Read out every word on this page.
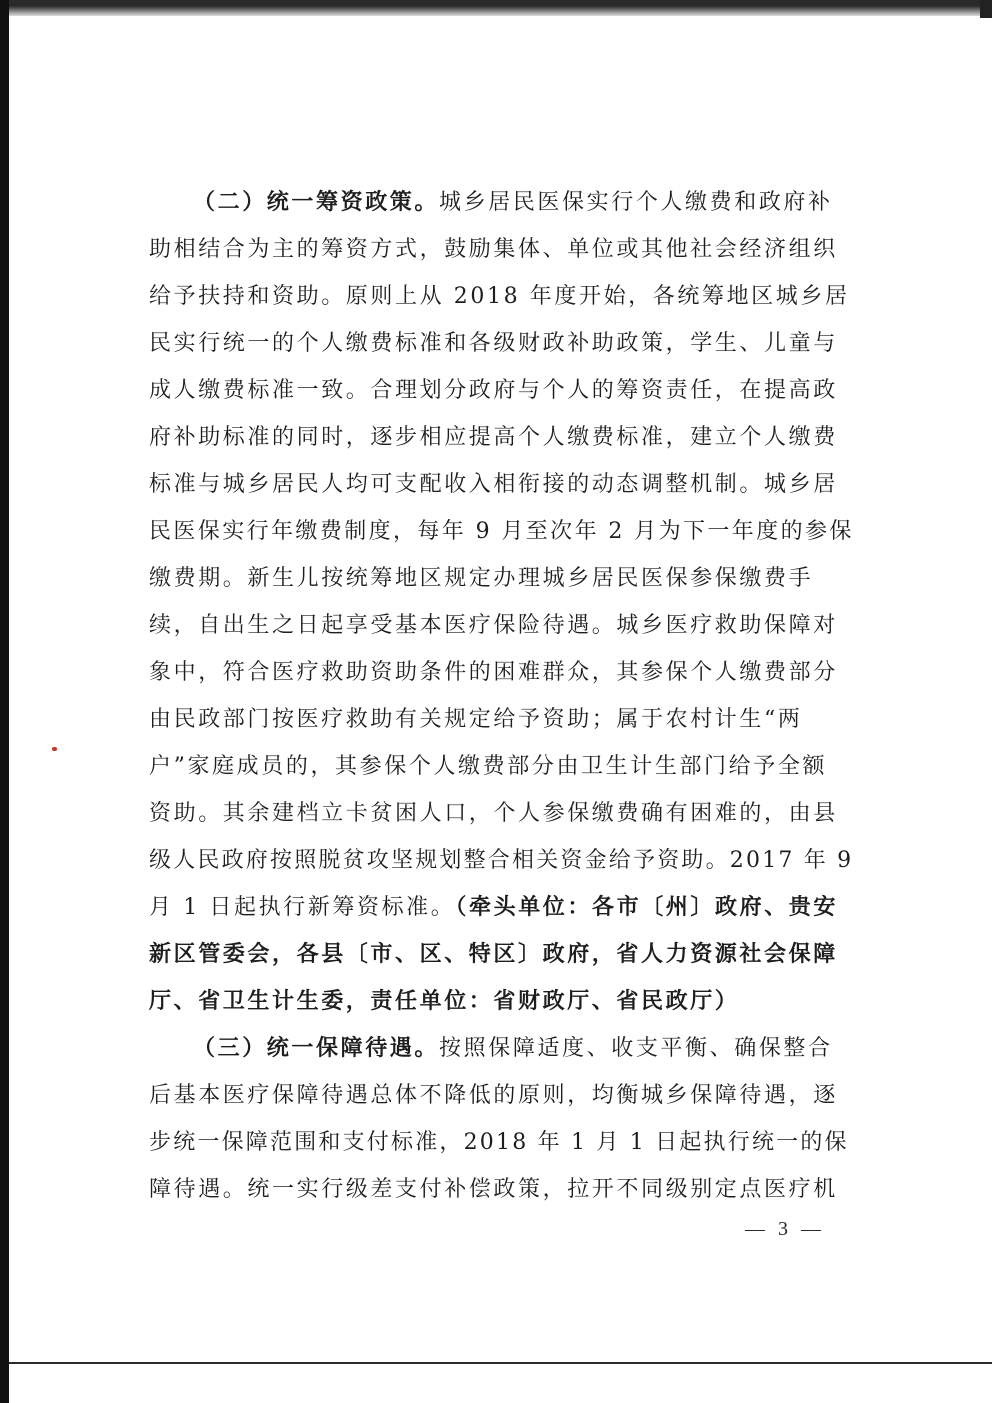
（二）统一筹资政策。城乡居民医保实行个人缴费和政府补
助相结合为主的筹资方式，鼓励集体、单位或其他社会经济组织
给予扶持和资助。原则上从 2018 年度开始，各统筹地区城乡居
民实行统一的个人缴费标准和各级财政补助政策，学生、儿童与
成人缴费标准一致。合理划分政府与个人的筹资责任，在提高政
府补助标准的同时，逐步相应提高个人缴费标准，建立个人缴费
标准与城乡居民人均可支配收入相衔接的动态调整机制。城乡居
民医保实行年缴费制度，每年 9 月至次年 2 月为下一年度的参保
缴费期。新生儿按统筹地区规定办理城乡居民医保参保缴费手
续，自出生之日起享受基本医疗保险待遇。城乡医疗救助保障对
象中，符合医疗救助资助条件的困难群众，其参保个人缴费部分
由民政部门按医疗救助有关规定给予资助；属于农村计生“两
户”家庭成员的，其参保个人缴费部分由卫生计生部门给予全额
资助。其余建档立卡贫困人口，个人参保缴费确有困难的，由县
级人民政府按照脱贫攻坚规划整合相关资金给予资助。2017 年 9
月 1 日起执行新筹资标准。（牵头单位：各市〔州〕政府、贵安
新区管委会，各县〔市、区、特区〕政府，省人力资源社会保障
厅、省卫生计生委，责任单位：省财政厅、省民政厅）
（三）统一保障待遇。按照保障适度、收支平衡、确保整合
后基本医疗保障待遇总体不降低的原则，均衡城乡保障待遇，逐
步统一保障范围和支付标准，2018 年 1 月 1 日起执行统一的保
障待遇。统一实行级差支付补偿政策，拉开不同级别定点医疗机
— 3 —
